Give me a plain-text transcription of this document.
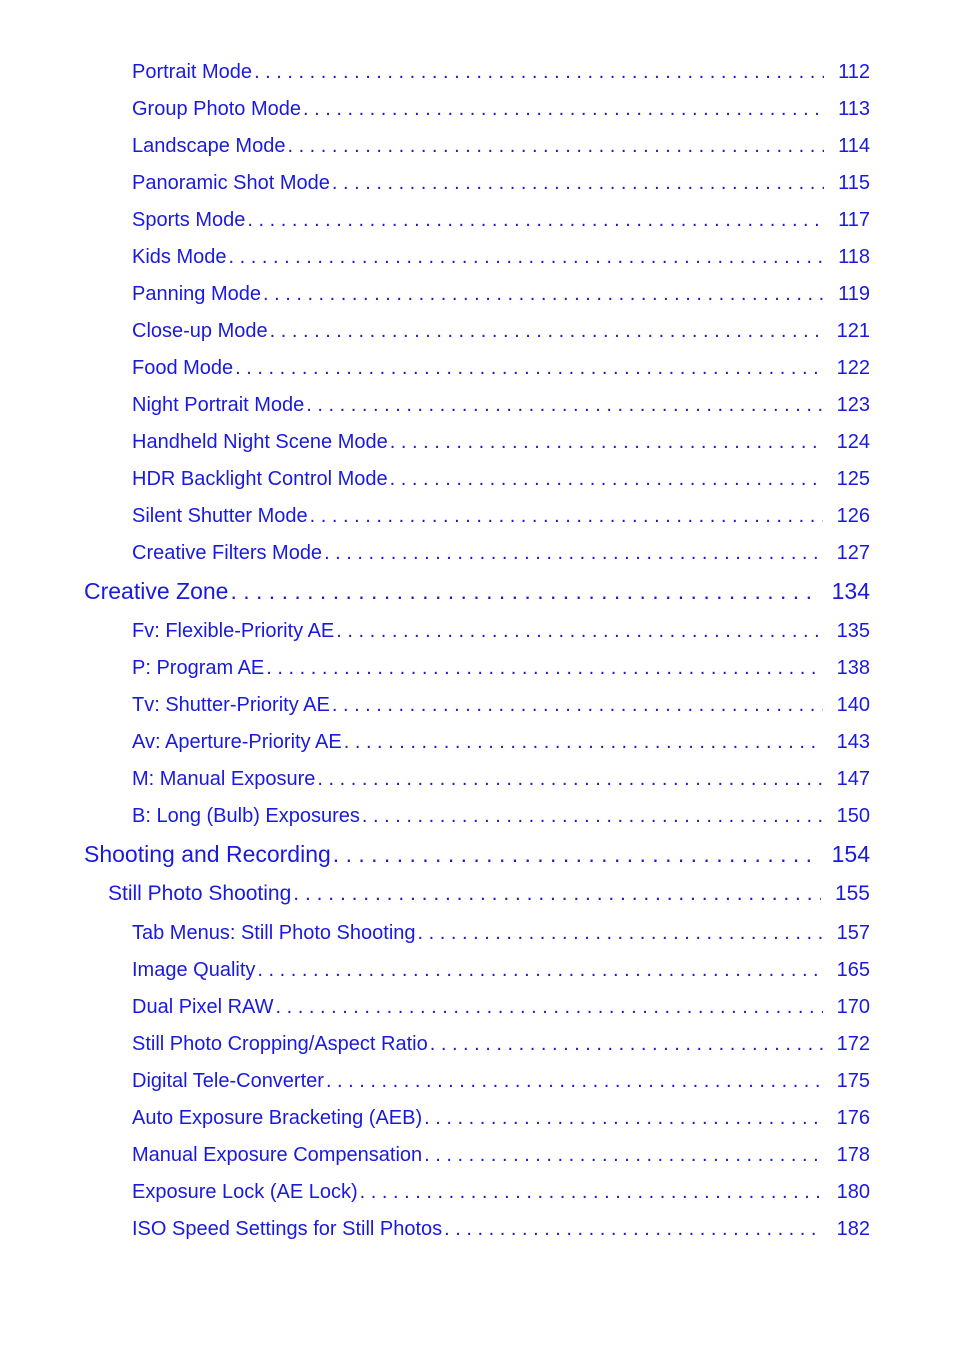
Portrait Mode . . .	112
Group Photo Mode . . .	113
Landscape Mode . . .	114
Panoramic Shot Mode . . .	115
Sports Mode . . .	117
Kids Mode . . .	118
Panning Mode . . .	119
Close-up Mode . . .	121
Food Mode . . .	122
Night Portrait Mode . . .	123
Handheld Night Scene Mode . . .	124
HDR Backlight Control Mode . . .	125
Silent Shutter Mode . . .	126
Creative Filters Mode . . .	127
Creative Zone . . .	134
Fv: Flexible-Priority AE . . .	135
P: Program AE . . .	138
Tv: Shutter-Priority AE . . .	140
Av: Aperture-Priority AE . . .	143
M: Manual Exposure . . .	147
B: Long (Bulb) Exposures . . .	150
Shooting and Recording . . .	154
Still Photo Shooting . . .	155
Tab Menus: Still Photo Shooting . . .	157
Image Quality . . .	165
Dual Pixel RAW . . .	170
Still Photo Cropping/Aspect Ratio . . .	172
Digital Tele-Converter . . .	175
Auto Exposure Bracketing (AEB) . . .	176
Manual Exposure Compensation . . .	178
Exposure Lock (AE Lock) . . .	180
ISO Speed Settings for Still Photos . . .	182
